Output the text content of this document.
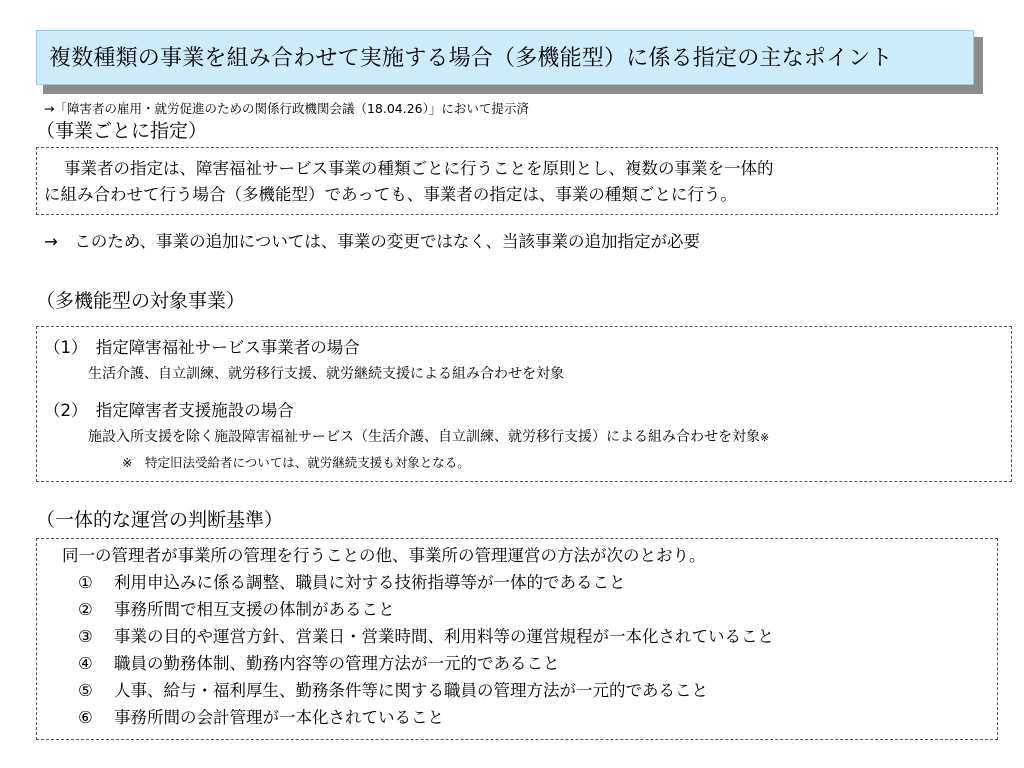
複数種類の事業を組み合わせて実施する場合（多機能型）に係る指定の主なポイント
→「障害者の雇用・就労促進のための関係行政機関会議（18.04.26）」において提示済
（事業ごとに指定）
事業者の指定は、障害福祉サービス事業の種類ごとに行うことを原則とし、複数の事業を一体的
に組み合わせて行う場合（多機能型）であっても、事業者の指定は、事業の種類ごとに行う。
→　このため、事業の追加については、事業の変更ではなく、当該事業の追加指定が必要
（多機能型の対象事業）
（1）　指定障害福祉サービス事業者の場合
生活介護、自立訓練、就労移行支援、就労継続支援による組み合わせを対象
（2）　指定障害者支援施設の場合
施設入所支援を除く施設障害福祉サービス（生活介護、自立訓練、就労移行支援）による組み合わせを対象※
※　特定旧法受給者については、就労継続支援も対象となる。
（一体的な運営の判断基準）
同一の管理者が事業所の管理を行うことの他、事業所の管理運営の方法が次のとおり。
① 利用申込みに係る調整、職員に対する技術指導等が一体的であること
② 事務所間で相互支援の体制があること
③ 事業の目的や運営方針、営業日・営業時間、利用料等の運営規程が一本化されていること
④ 職員の勤務体制、勤務内容等の管理方法が一元的であること
⑤ 人事、給与・福利厚生、勤務条件等に関する職員の管理方法が一元的であること
⑥ 事務所間の会計管理が一本化されていること
